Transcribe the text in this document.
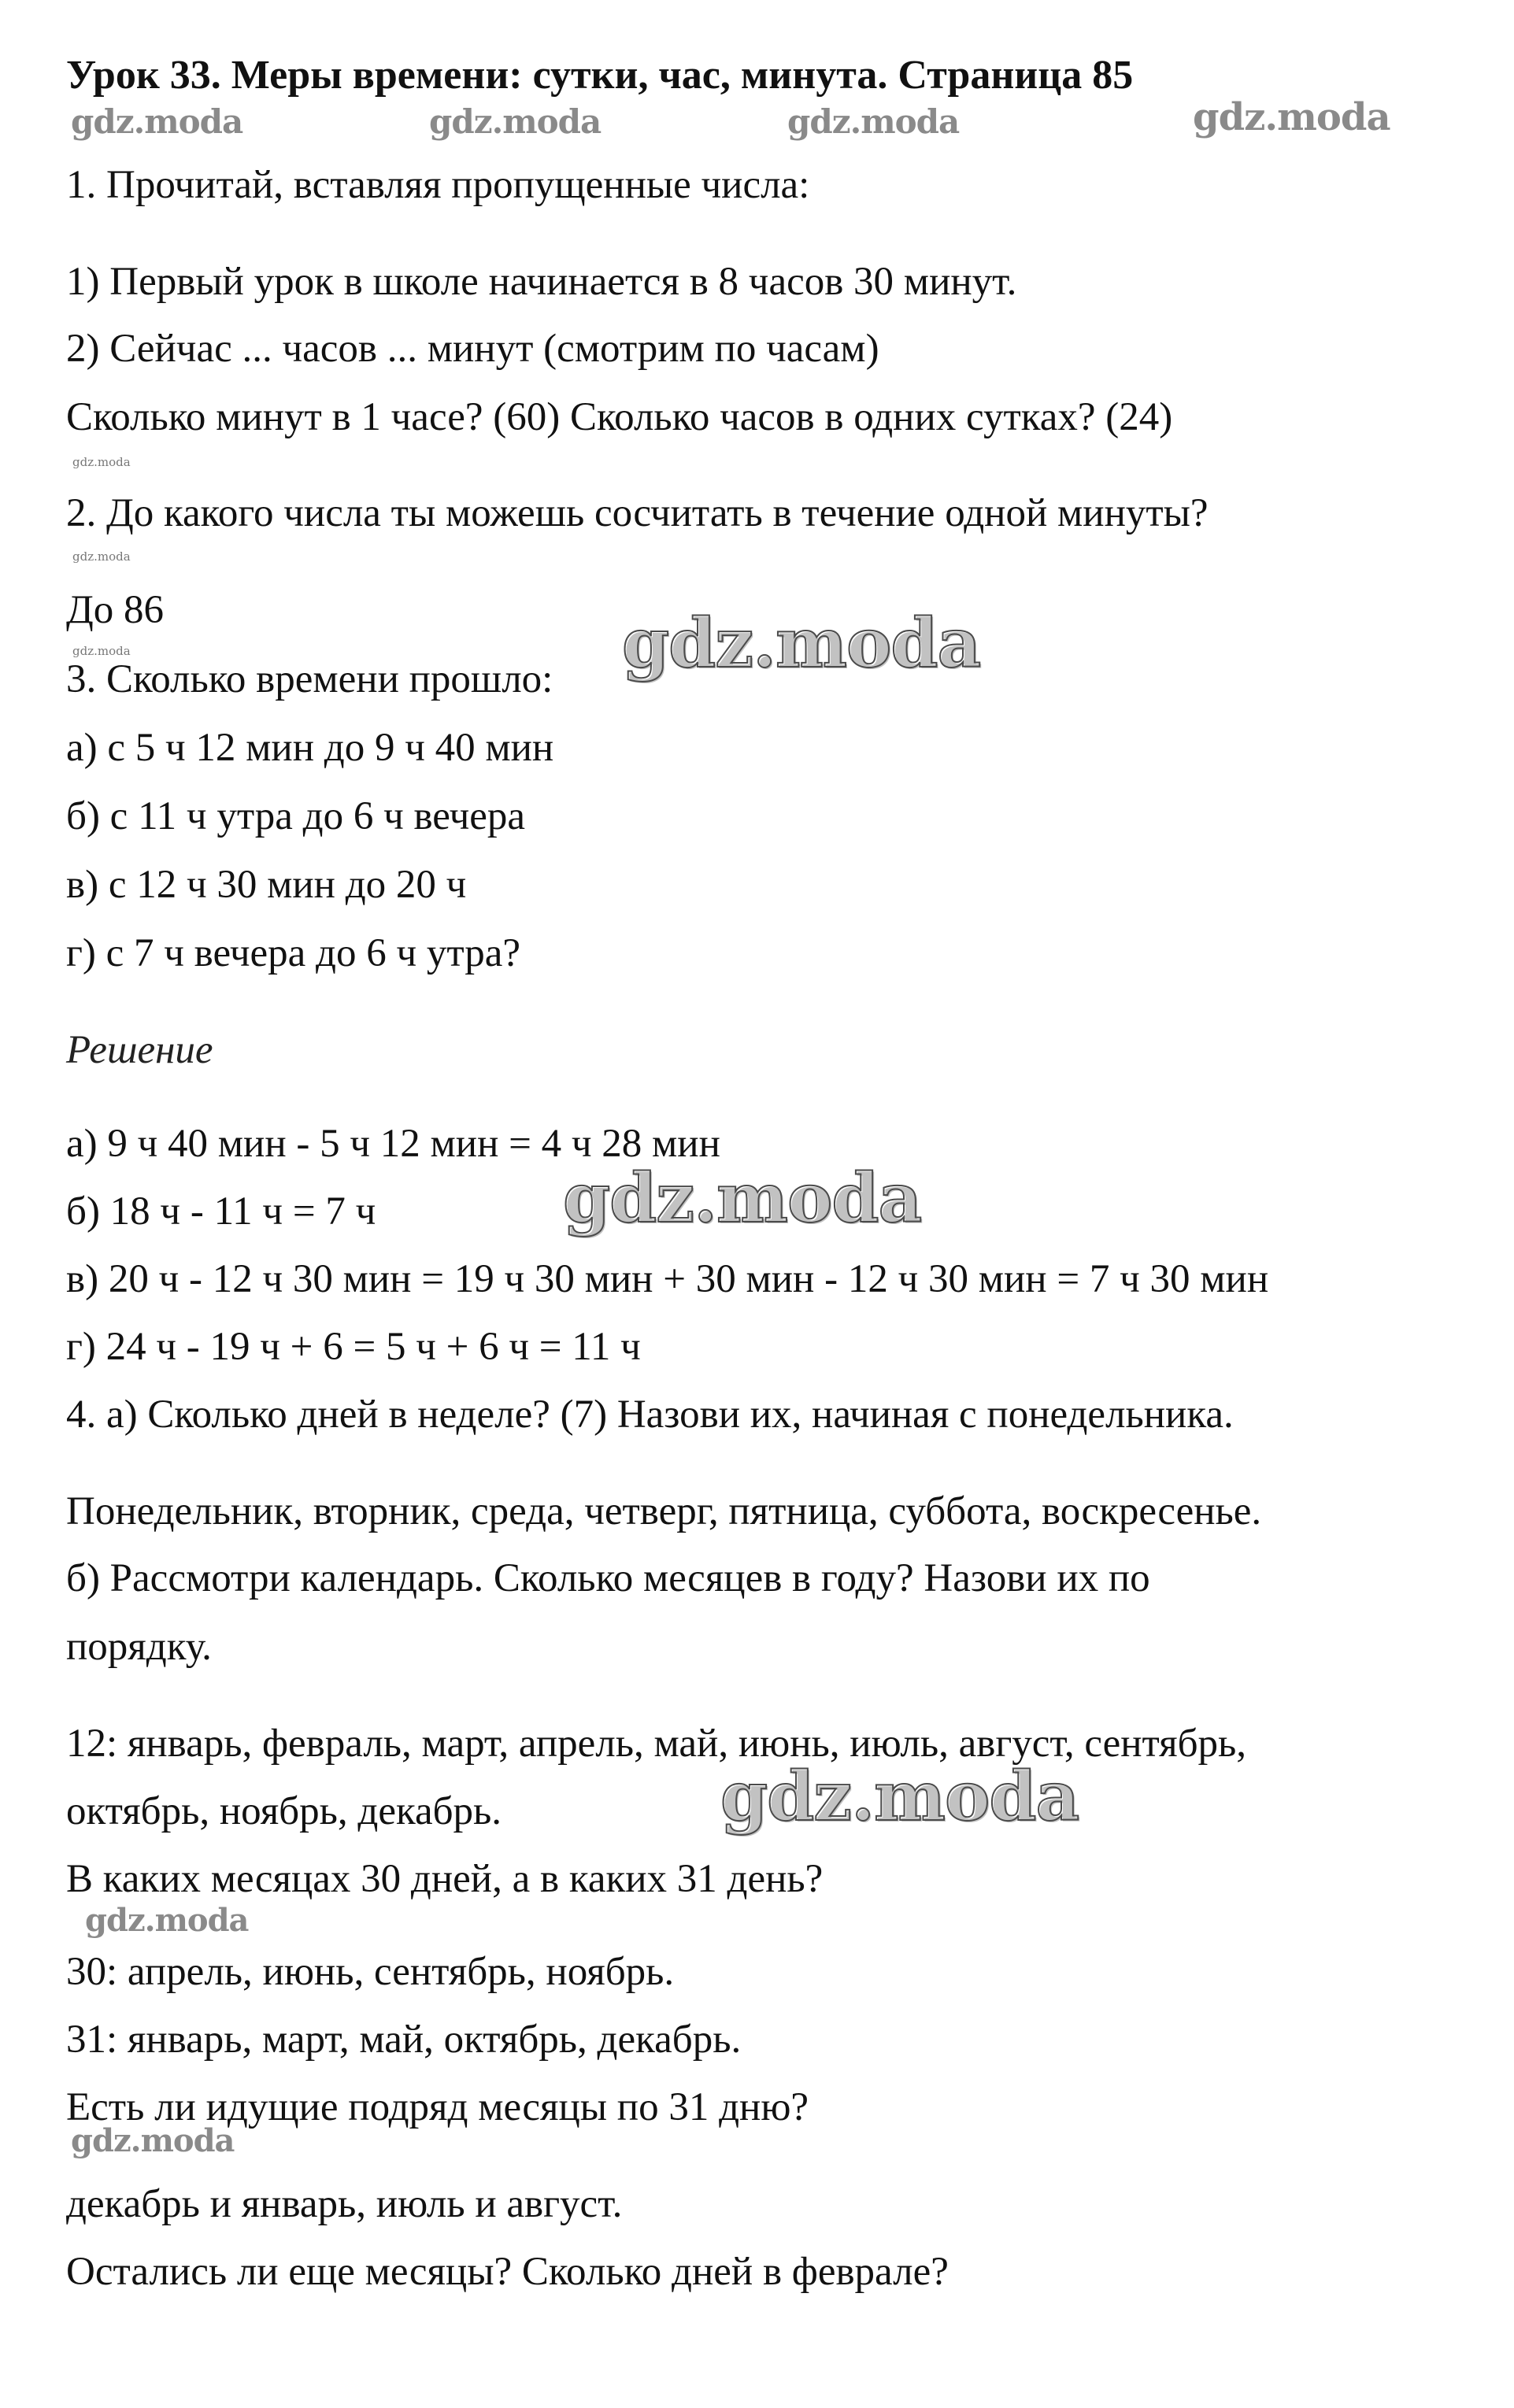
Урок 33. Меры времени: сутки, час, минута. Страница 85
gdz.moda	gdz.moda	gdz.moda	gdz.moda
1. Прочитай, вставляя пропущенные числа:
1) Первый урок в школе начинается в 8 часов 30 минут.
2) Сейчас ... часов ... минут (смотрим по часам)
Сколько минут в 1 часе? (60) Сколько часов в одних сутках? (24)
gdz.moda
2. До какого числа ты можешь сосчитать в течение одной минуты?
gdz.moda
До 86
gdz.moda	gdz.moda
3. Сколько времени прошло:
а) с 5 ч 12 мин до 9 ч 40 мин
б) с 11 ч утра до 6 ч вечера
в) с 12 ч 30 мин до 20 ч
г) с 7 ч вечера до 6 ч утра?
Решение
а) 9 ч 40 мин - 5 ч 12 мин = 4 ч 28 мин
б) 18 ч - 11 ч = 7 ч
в) 20 ч - 12 ч 30 мин = 19 ч 30 мин + 30 мин - 12 ч 30 мин = 7 ч 30 мин
г) 24 ч - 19 ч + 6 = 5 ч + 6 ч = 11 ч
gdz.moda
4. а) Сколько дней в неделе? (7) Назови их, начиная с понедельника.
Понедельник, вторник, среда, четверг, пятница, суббота, воскресенье.
б) Рассмотри календарь. Сколько месяцев в году? Назови их по
порядку.
12: январь, февраль, март, апрель, май, июнь, июль, август, сентябрь,
октябрь, ноябрь, декабрь.	gdz.moda
В каких месяцах 30 дней, а в каких 31 день?
gdz.moda
30: апрель, июнь, сентябрь, ноябрь.
31: январь, март, май, октябрь, декабрь.
Есть ли идущие подряд месяцы по 31 дню?
gdz.moda
декабрь и январь, июль и август.
Остались ли еще месяцы? Сколько дней в феврале?
